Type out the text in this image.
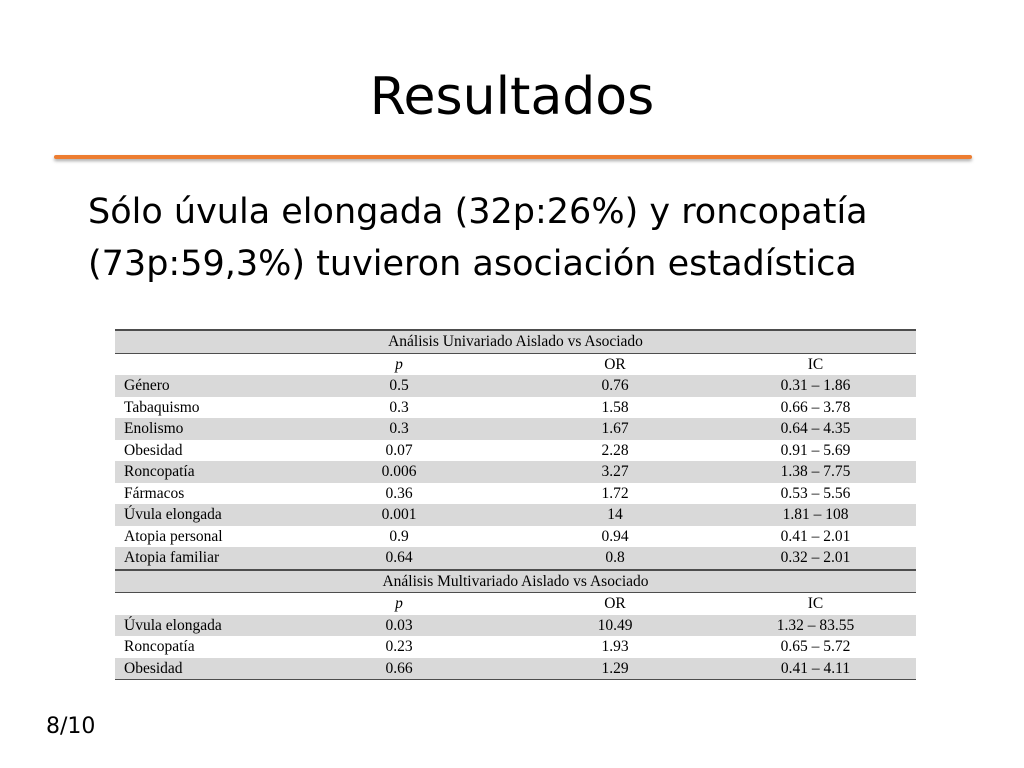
Resultados
Sólo úvula elongada (32p:26%) y roncopatía
(73p:59,3%) tuvieron asociación estadística
Análisis Univariado Aislado vs Asociado			
	p	OR	IC
Género	0.5	0.76	0.31 – 1.86
Tabaquismo	0.3	1.58	0.66 – 3.78
Enolismo	0.3	1.67	0.64 – 4.35
Obesidad	0.07	2.28	0.91 – 5.69
Roncopatía	0.006	3.27	1.38 – 7.75
Fármacos	0.36	1.72	0.53 – 5.56
Úvula elongada	0.001	14	1.81 – 108
Atopia personal	0.9	0.94	0.41 – 2.01
Atopia familiar	0.64	0.8	0.32 – 2.01
Análisis Multivariado Aislado vs Asociado			
	p	OR	IC
Úvula elongada	0.03	10.49	1.32 – 83.55
Roncopatía	0.23	1.93	0.65 – 5.72
Obesidad	0.66	1.29	0.41 – 4.11
8/10
